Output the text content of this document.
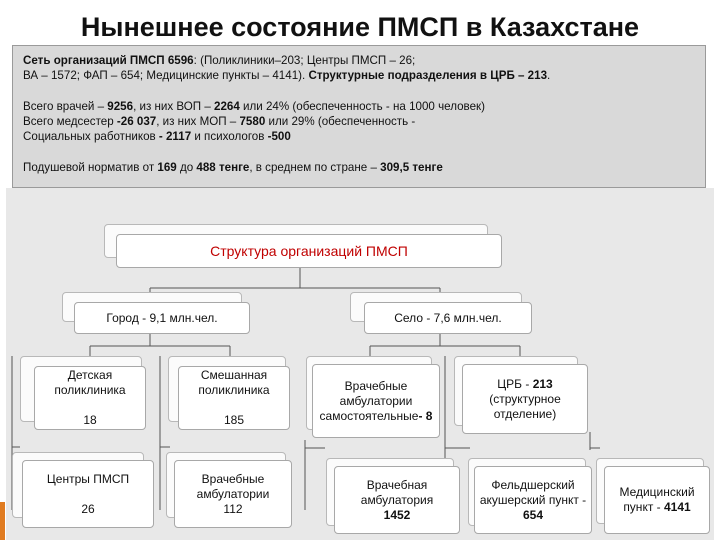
Нынешнее состояние ПМСП в Казахстане

Сеть организаций ПМСП 6596: (Поликлиники–203; Центры ПМСП – 26;

ВА – 1572; ФАП – 654; Медицинские пункты – 4141). Структурные подразделения в ЦРБ – 213.

Всего врачей – 9256, из них ВОП – 2264 или 24% (обеспеченность - на 1000 человек)

Всего медсестер -26 037, из них МОП – 7580 или 29% (обеспеченность -

Социальных работников - 2117 и психологов -500

Подушевой норматив от 169 до 488 тенге, в среднем по стране – 309,5 тенге

Структура организаций ПМСП
Город - 9,1 млн.чел.	Село - 7,6 млн.чел.
Детская поликлиника

18
Смешанная поликлиника

185
Центры ПМСП

26
Врачебные амбулатории
112
Врачебные амбулатории самостоятельные- 8
ЦРБ - 213
(структурное отделение)
Врачебная амбулатория
1452
Фельдшерский акушерский пункт - 654
Медицинский пункт - 4141
